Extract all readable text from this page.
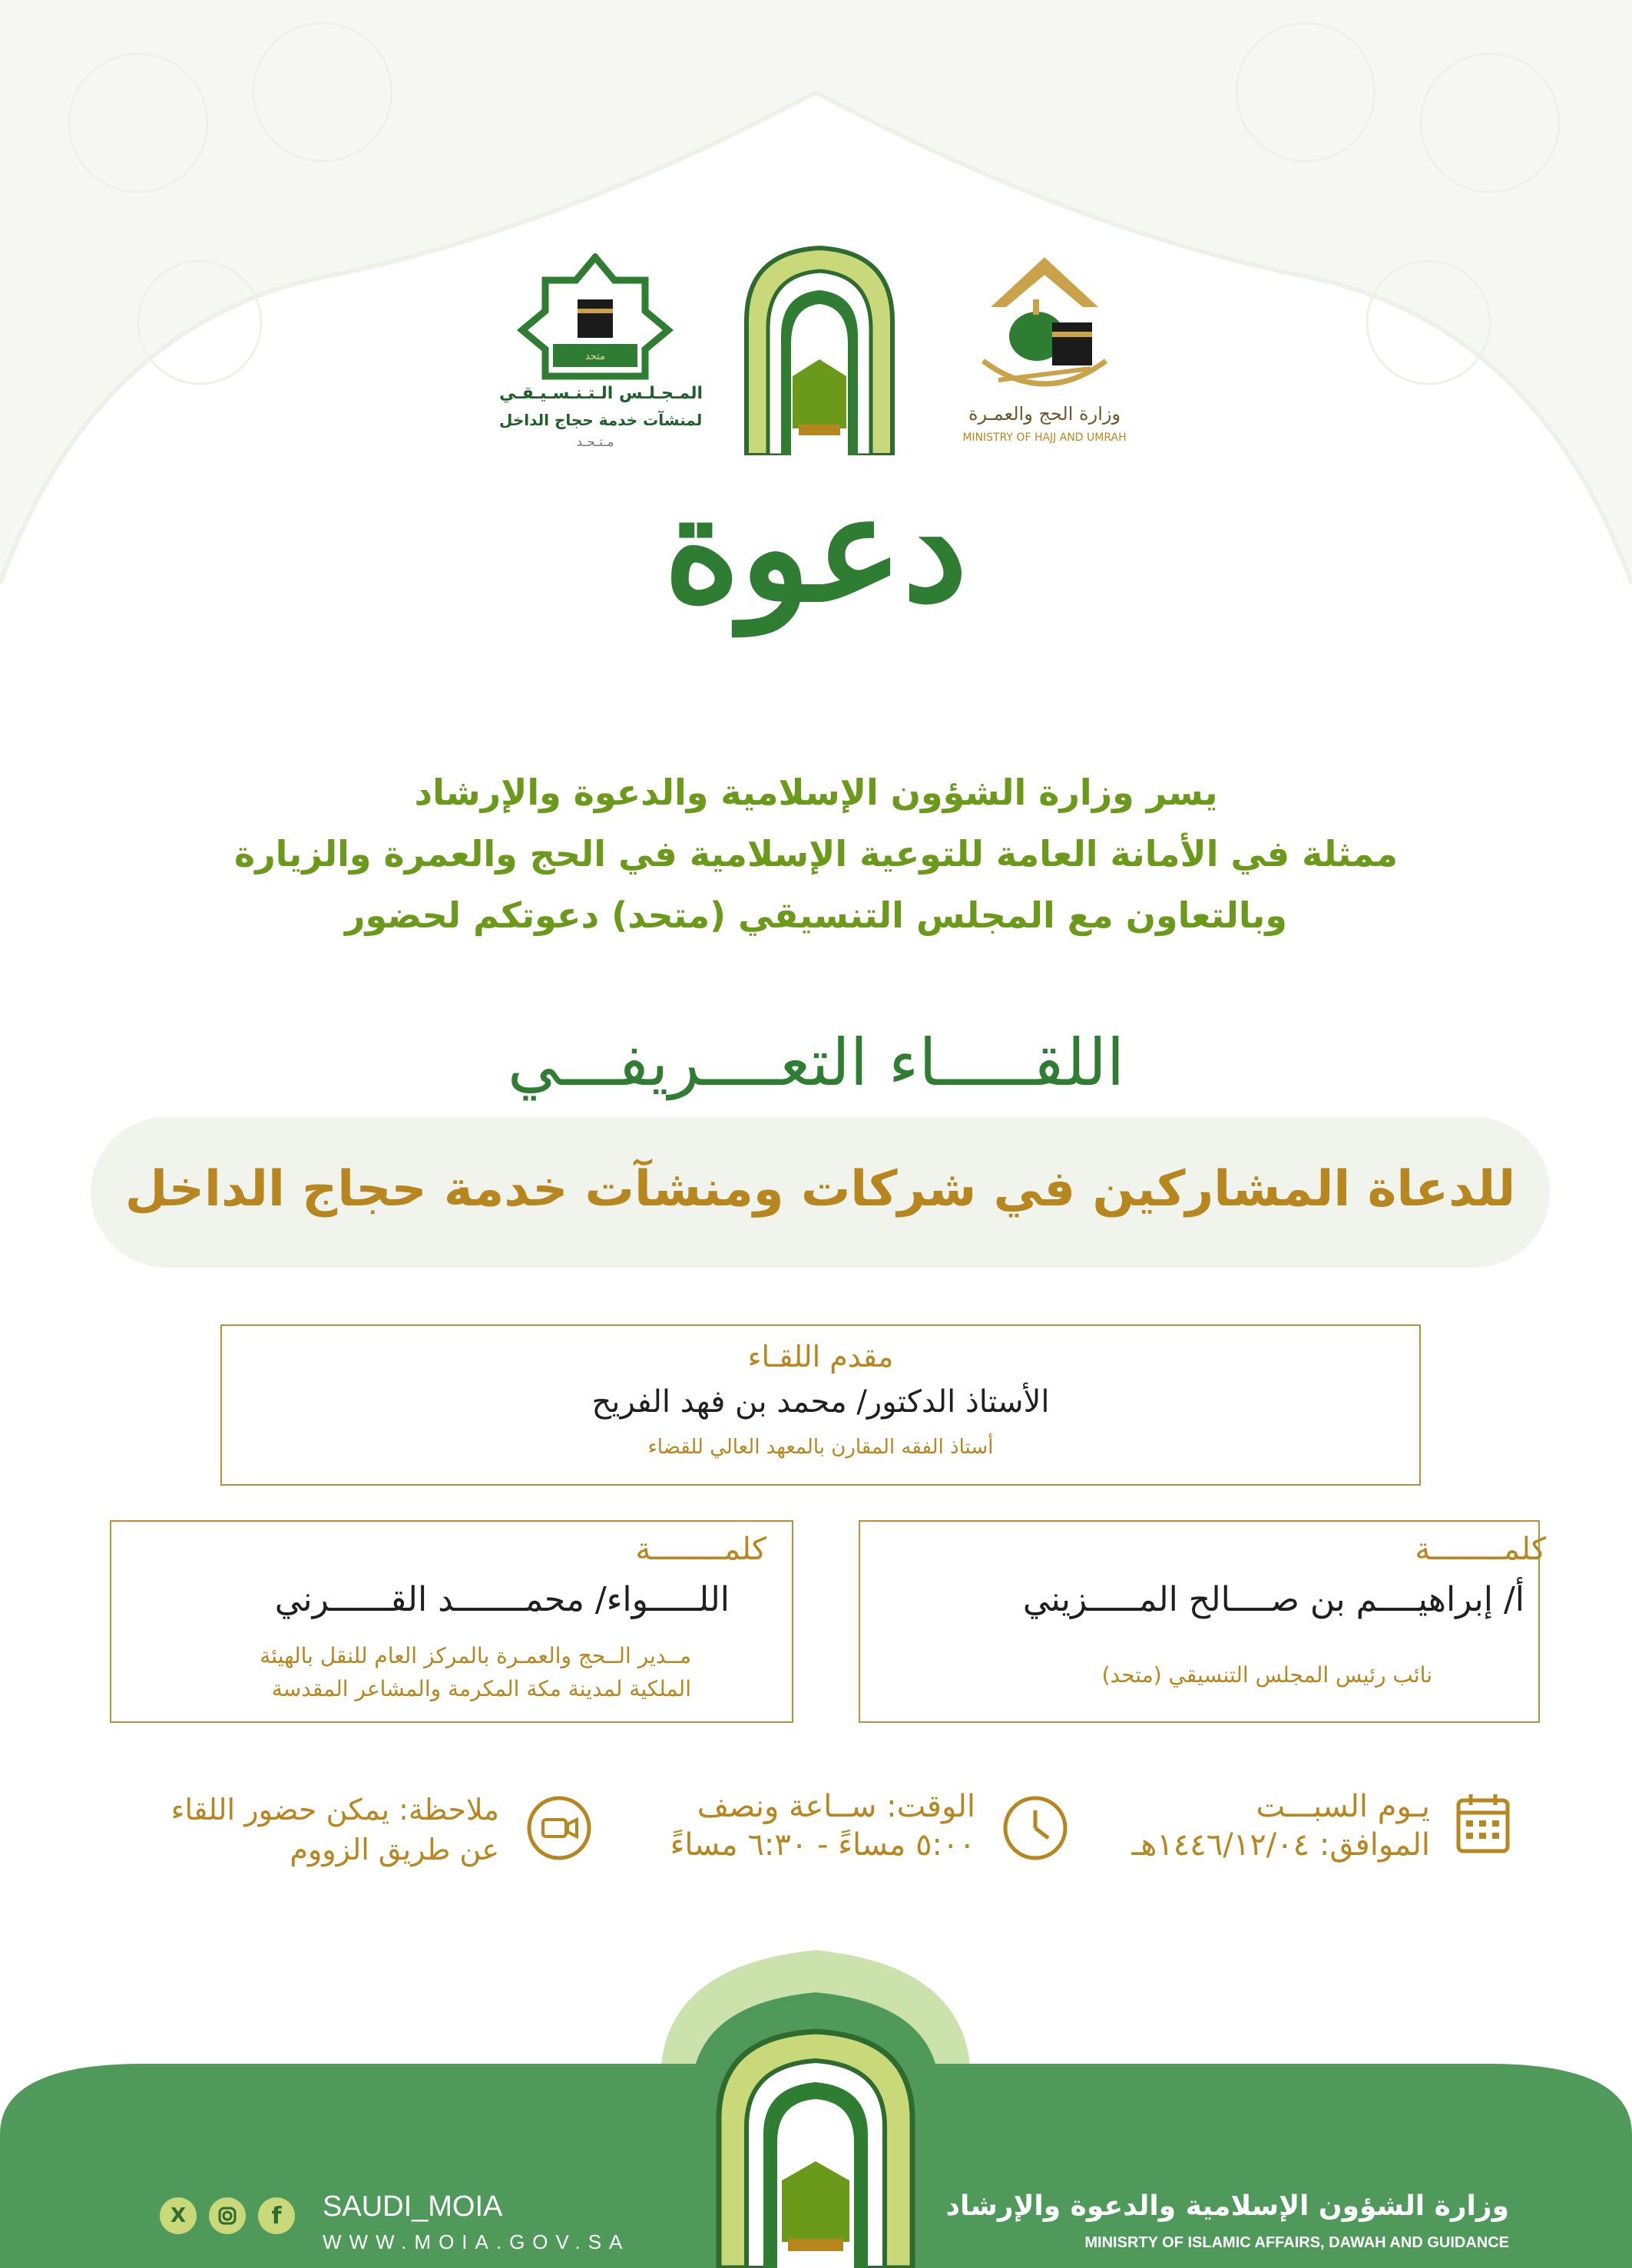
متحد
المـجـلـس الـتـنـسـيـقـي
لمنشآت خدمة حجاج الداخل
مـتـحـد
وزارة الحج والعمـرة
MINISTRY OF HAJJ AND UMRAH
دعوة
يسر وزارة الشؤون الإسلامية والدعوة والإرشاد
ممثلة في الأمانة العامة للتوعية الإسلامية في الحج والعمرة والزيارة
وبالتعاون مع المجلس التنسيقي (متحد) دعوتكم لحضور
اللقـــــاء التعــــريفـــي
للدعاة المشاركين في شركات ومنشآت خدمة حجاج الداخل
مقدم اللقـاء
الأستاذ الدكتور/ محمد بن فهد الفريح
أستاذ الفقه المقارن بالمعهد العالي للقضاء
كلمــــــــة
أ/ إبراهيــــم بن صــــالح المـــــزيني
نائب رئيس المجلس التنسيقي (متحد)
كلمــــــــة
اللـــــواء/ محمـــــــد القــــــرني
مــدير الــحج والعمـرة بالمركز العام للنقل بالهيئة
الملكية لمدينة مكة المكرمة والمشاعر المقدسة
يـوم السبـــت
الموافق: ١٤٤٦/١٢/٠٤هـ
الوقت: ســاعة ونصف
٥:٠٠ مساءً - ٦:٣٠ مساءً
ملاحظة: يمكن حضور اللقاء
عن طريق الزووم
X	f	SAUDI_MOIA
WWW.MOIA.GOV.SA
وزارة الشؤون الإسلامية والدعوة والإرشاد
MINISRTY OF ISLAMIC AFFAIRS, DAWAH AND GUIDANCE
